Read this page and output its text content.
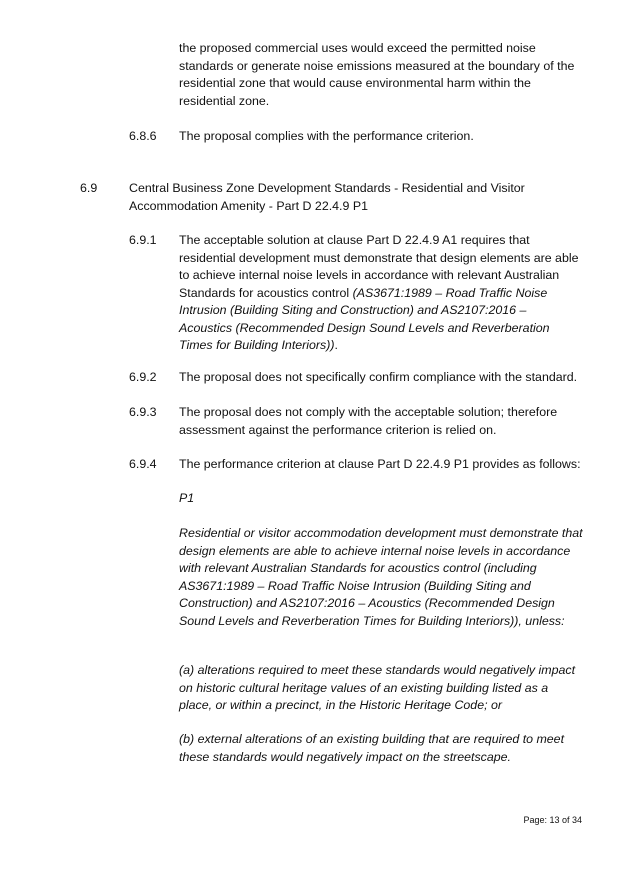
the proposed commercial uses would exceed the permitted noise standards or generate noise emissions measured at the boundary of the residential zone that would cause environmental harm within the residential zone.

6.8.6 The proposal complies with the performance criterion.

6.9	Central Business Zone Development Standards - Residential and Visitor Accommodation Amenity - Part D 22.4.9 P1

6.9.1 The acceptable solution at clause Part D 22.4.9 A1 requires that residential development must demonstrate that design elements are able to achieve internal noise levels in accordance with relevant Australian Standards for acoustics control (AS3671:1989 – Road Traffic Noise Intrusion (Building Siting and Construction) and AS2107:2016 – Acoustics (Recommended Design Sound Levels and Reverberation Times for Building Interiors)).

6.9.2 The proposal does not specifically confirm compliance with the standard.

6.9.3 The proposal does not comply with the acceptable solution; therefore assessment against the performance criterion is relied on.

6.9.4 The performance criterion at clause Part D 22.4.9 P1 provides as follows:

P1

Residential or visitor accommodation development must demonstrate that design elements are able to achieve internal noise levels in accordance with relevant Australian Standards for acoustics control (including AS3671:1989 – Road Traffic Noise Intrusion (Building Siting and Construction) and AS2107:2016 – Acoustics (Recommended Design Sound Levels and Reverberation Times for Building Interiors)), unless:

(a) alterations required to meet these standards would negatively impact on historic cultural heritage values of an existing building listed as a place, or within a precinct, in the Historic Heritage Code; or

(b) external alterations of an existing building that are required to meet these standards would negatively impact on the streetscape.

Page: 13 of 34
